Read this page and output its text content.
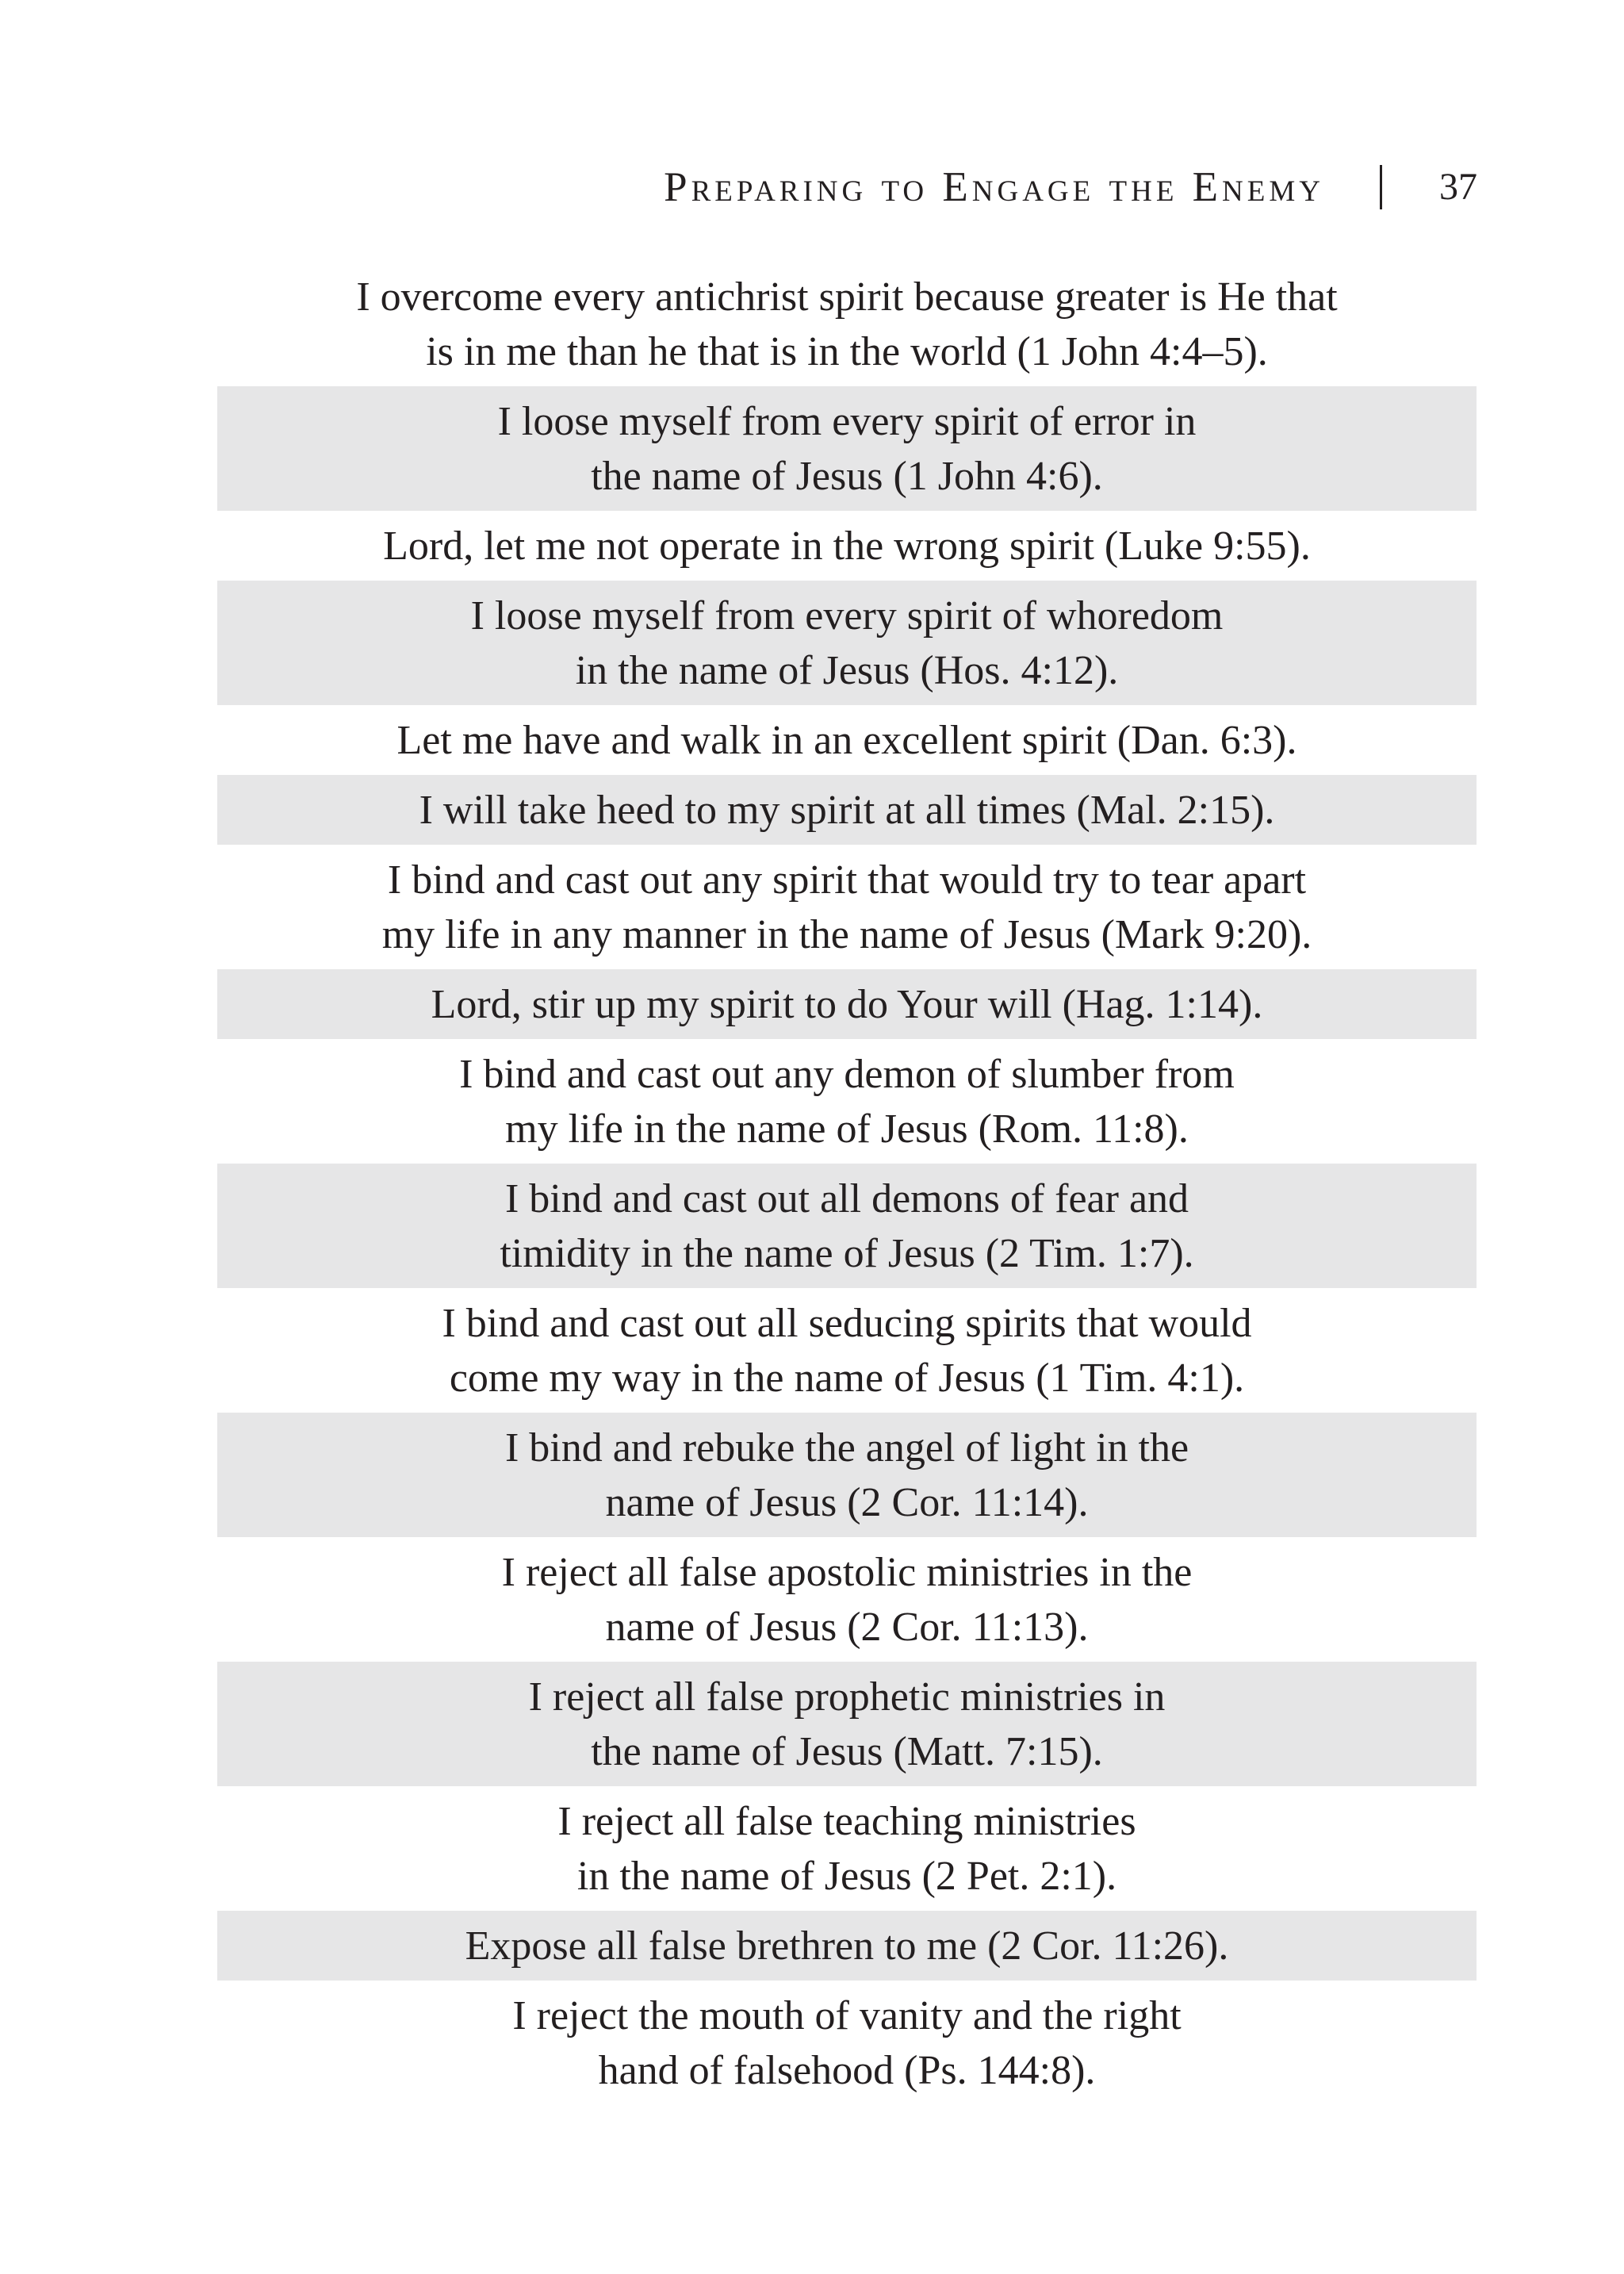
Preparing to Engage the Enemy	37
I overcome every antichrist spirit because greater is He that
is in me than he that is in the world (1 John 4:4–5).
I loose myself from every spirit of error in
the name of Jesus (1 John 4:6).
Lord, let me not operate in the wrong spirit (Luke 9:55).
I loose myself from every spirit of whoredom
in the name of Jesus (Hos. 4:12).
Let me have and walk in an excellent spirit (Dan. 6:3).
I will take heed to my spirit at all times (Mal. 2:15).
I bind and cast out any spirit that would try to tear apart
my life in any manner in the name of Jesus (Mark 9:20).
Lord, stir up my spirit to do Your will (Hag. 1:14).
I bind and cast out any demon of slumber from
my life in the name of Jesus (Rom. 11:8).
I bind and cast out all demons of fear and
timidity in the name of Jesus (2 Tim. 1:7).
I bind and cast out all seducing spirits that would
come my way in the name of Jesus (1 Tim. 4:1).
I bind and rebuke the angel of light in the
name of Jesus (2 Cor. 11:14).
I reject all false apostolic ministries in the
name of Jesus (2 Cor. 11:13).
I reject all false prophetic ministries in
the name of Jesus (Matt. 7:15).
I reject all false teaching ministries
in the name of Jesus (2 Pet. 2:1).
Expose all false brethren to me (2 Cor. 11:26).
I reject the mouth of vanity and the right
hand of falsehood (Ps. 144:8).
